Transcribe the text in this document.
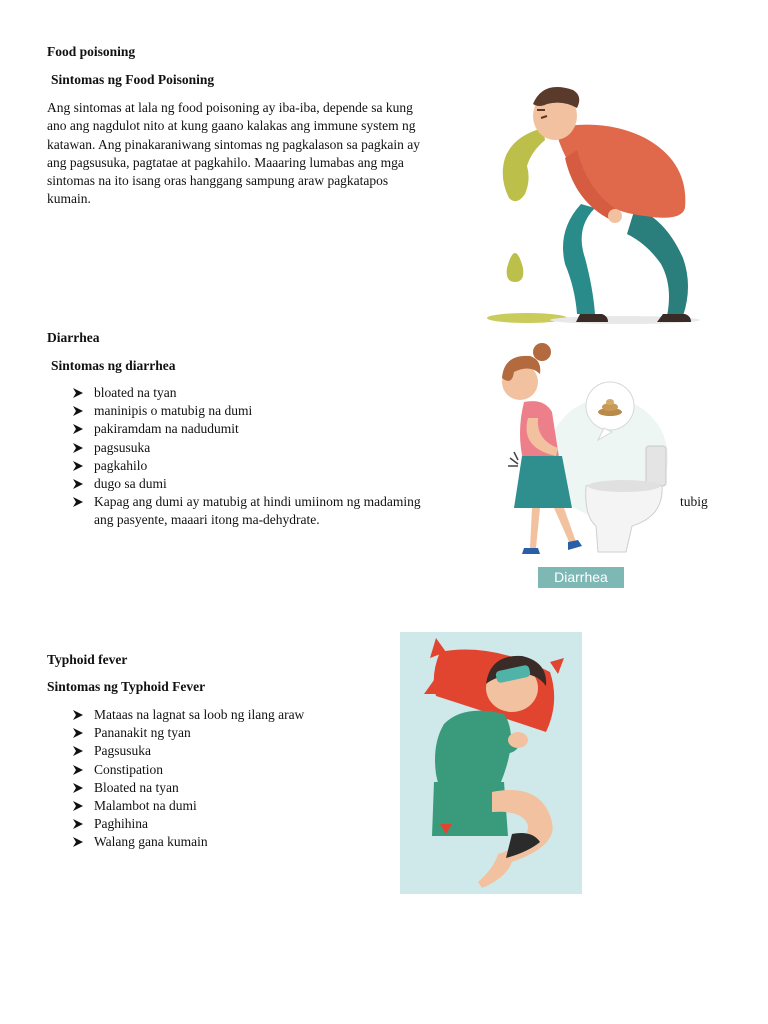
Food poisoning
Sintomas ng Food Poisoning
Ang sintomas at lala ng food poisoning ay iba-iba, depende sa kung
ano ang nagdulot nito at kung gaano kalakas ang immune system ng
katawan. Ang pinakaraniwang sintomas ng pagkalason sa pagkain ay
ang pagsusuka, pagtatae at pagkahilo. Maaaring lumabas ang mga
sintomas na ito isang oras hanggang sampung araw pagkatapos
kumain.
Diarrhea
Sintomas ng diarrhea
bloated na tyan
maninipis o matubig na dumi
pakiramdam na nadudumit
pagsusuka
pagkahilo
dugo sa dumi
Kapag ang dumi ay matubig at hindi umiinom ng madaming
ang pasyente, maaari itong ma-dehydrate.
tubig
Diarrhea
Typhoid fever
Sintomas ng Typhoid Fever
Mataas na lagnat sa loob ng ilang araw
Pananakit ng tyan
Pagsusuka
Constipation
Bloated na tyan
Malambot na dumi
Paghihina
Walang gana kumain
